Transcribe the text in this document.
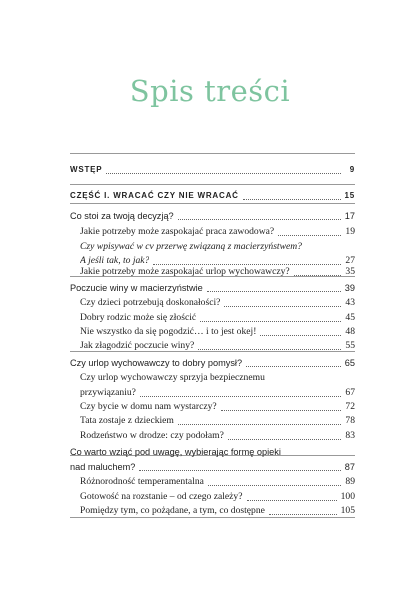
Spis treści
WSTĘP	9
CZĘŚĆ I. WRACAĆ CZY NIE WRACAĆ	15
Co stoi za twoją decyzją?	17
Jakie potrzeby może zaspokajać praca zawodowa?	19
Czy wpisywać w cv przerwę związaną z macierzyństwem?
A jeśli tak, to jak?	27
Jakie potrzeby może zaspokajać urlop wychowawczy?	35
Poczucie winy w macierzyństwie	39
Czy dzieci potrzebują doskonałości?	43
Dobry rodzic może się złościć	45
Nie wszystko da się pogodzić… i to jest okej!	48
Jak złagodzić poczucie winy?	55
Czy urlop wychowawczy to dobry pomysł?	65
Czy urlop wychowawczy sprzyja bezpiecznemu
przywiązaniu?	67
Czy bycie w domu nam wystarczy?	72
Tata zostaje z dzieckiem	78
Rodzeństwo w drodze: czy podołam?	83
Co warto wziąć pod uwagę, wybierając formę opieki
nad maluchem?	87
Różnorodność temperamentalna	89
Gotowość na rozstanie – od czego zależy?	100
Pomiędzy tym, co pożądane, a tym, co dostępne	105
